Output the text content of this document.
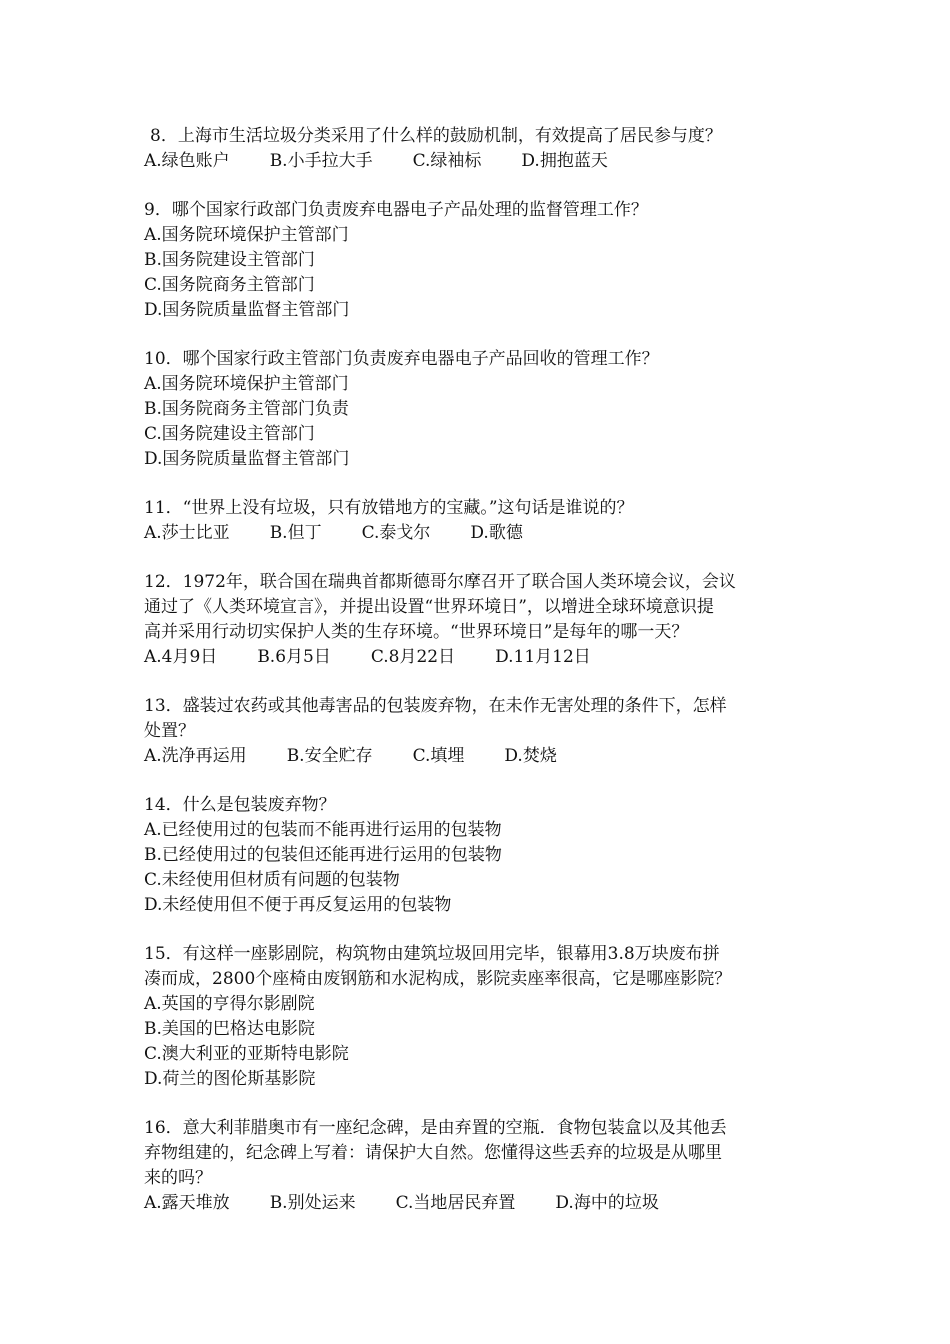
8．上海市生活垃圾分类采用了什么样的鼓励机制，有效提高了居民参与度？
A.绿色账户 B.小手拉大手 C.绿袖标 D.拥抱蓝天
9．哪个国家行政部门负责废弃电器电子产品处理的监督管理工作？
A.国务院环境保护主管部门
B.国务院建设主管部门
C.国务院商务主管部门
D.国务院质量监督主管部门
10．哪个国家行政主管部门负责废弃电器电子产品回收的管理工作？
A.国务院环境保护主管部门
B.国务院商务主管部门负责
C.国务院建设主管部门
D.国务院质量监督主管部门
11．“世界上没有垃圾，只有放错地方的宝藏。”这句话是谁说的？
A.莎士比亚 B.但丁 C.泰戈尔 D.歌德
12．1972年，联合国在瑞典首都斯德哥尔摩召开了联合国人类环境会议，会议
通过了《人类环境宣言》，并提出设置“世界环境日”，以增进全球环境意识提
高并采用行动切实保护人类的生存环境。“世界环境日”是每年的哪一天？
A.4月9日 B.6月5日 C.8月22日 D.11月12日
13．盛装过农药或其他毒害品的包装废弃物，在未作无害处理的条件下，怎样
处置？
A.洗净再运用 B.安全贮存 C.填埋 D.焚烧
14．什么是包装废弃物？
A.已经使用过的包装而不能再进行运用的包装物
B.已经使用过的包装但还能再进行运用的包装物
C.未经使用但材质有问题的包装物
D.未经使用但不便于再反复运用的包装物
15．有这样一座影剧院，构筑物由建筑垃圾回用完毕，银幕用3.8万块废布拼
凑而成，2800个座椅由废钢筋和水泥构成，影院卖座率很高，它是哪座影院？
A.英国的亨得尔影剧院
B.美国的巴格达电影院
C.澳大利亚的亚斯特电影院
D.荷兰的图伦斯基影院
16．意大利菲腊奥市有一座纪念碑，是由弃置的空瓶．食物包装盒以及其他丢
弃物组建的，纪念碑上写着：请保护大自然。您懂得这些丢弃的垃圾是从哪里
来的吗？
A.露天堆放 B.别处运来 C.当地居民弃置 D.海中的垃圾
